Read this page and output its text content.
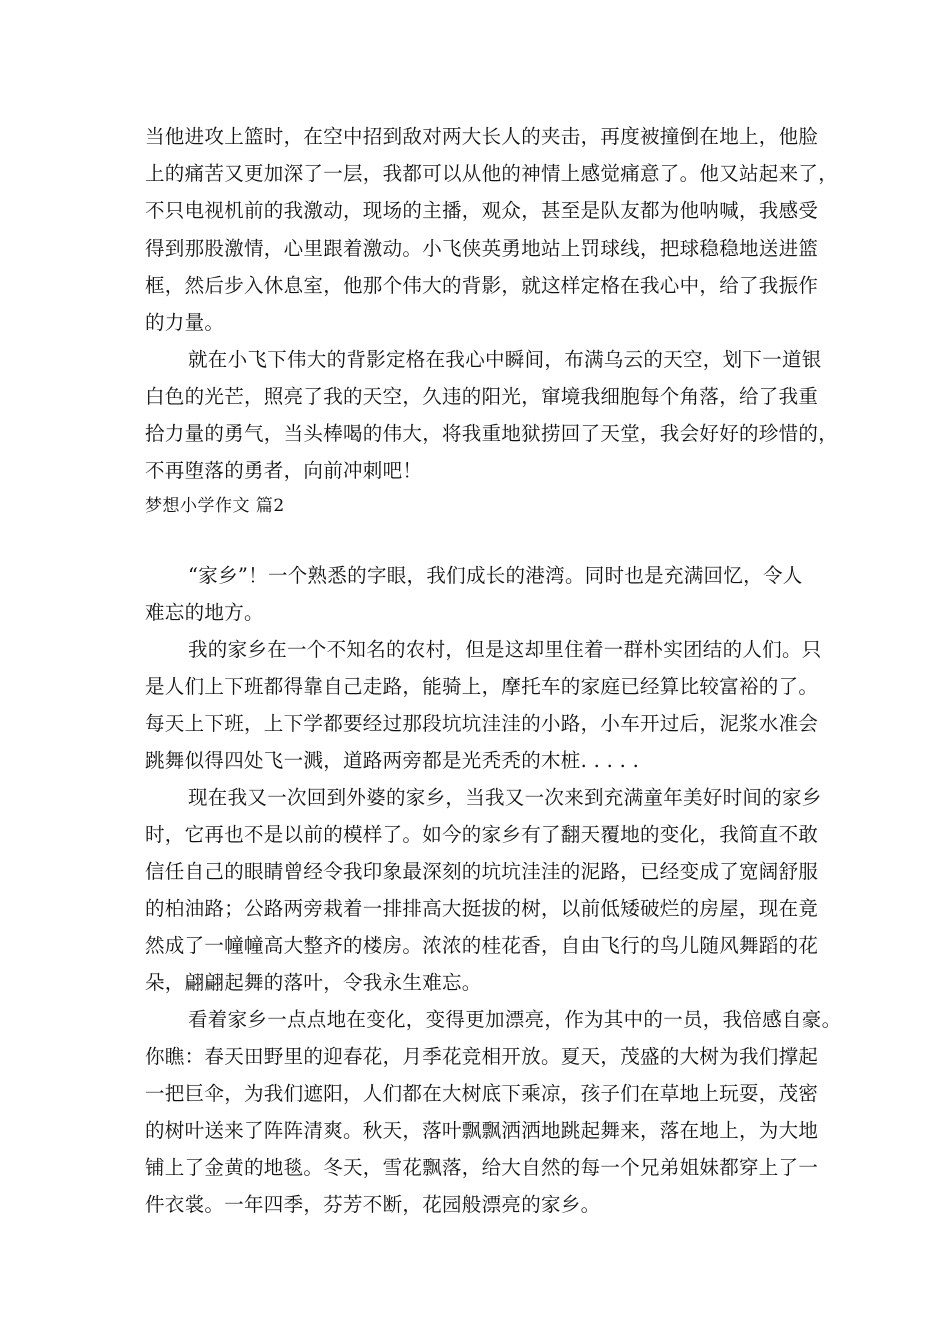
当他进攻上篮时，在空中招到敌对两大长人的夹击，再度被撞倒在地上，他脸
上的痛苦又更加深了一层，我都可以从他的神情上感觉痛意了。他又站起来了，
不只电视机前的我激动，现场的主播，观众，甚至是队友都为他呐喊，我感受
得到那股激情，心里跟着激动。小飞侠英勇地站上罚球线，把球稳稳地送进篮
框，然后步入休息室，他那个伟大的背影，就这样定格在我心中，给了我振作
的力量。
就在小飞下伟大的背影定格在我心中瞬间，布满乌云的天空，划下一道银
白色的光芒，照亮了我的天空，久违的阳光，窜境我细胞每个角落，给了我重
拾力量的勇气，当头棒喝的伟大，将我重地狱捞回了天堂，我会好好的珍惜的，
不再堕落的勇者，向前冲刺吧！
梦想小学作文 篇2
“家乡”！一个熟悉的字眼，我们成长的港湾。同时也是充满回忆，令人
难忘的地方。
我的家乡在一个不知名的农村，但是这却里住着一群朴实团结的人们。只
是人们上下班都得靠自己走路，能骑上，摩托车的家庭已经算比较富裕的了。
每天上下班，上下学都要经过那段坑坑洼洼的小路，小车开过后，泥浆水准会
跳舞似得四处飞一溅，道路两旁都是光秃秃的木桩. . . . .
现在我又一次回到外婆的家乡，当我又一次来到充满童年美好时间的家乡
时，它再也不是以前的模样了。如今的家乡有了翻天覆地的变化，我简直不敢
信任自己的眼睛曾经令我印象最深刻的坑坑洼洼的泥路，已经变成了宽阔舒服
的柏油路；公路两旁栽着一排排高大挺拔的树，以前低矮破烂的房屋，现在竟
然成了一幢幢高大整齐的楼房。浓浓的桂花香，自由飞行的鸟儿随风舞蹈的花
朵，翩翩起舞的落叶，令我永生难忘。
看着家乡一点点地在变化，变得更加漂亮，作为其中的一员，我倍感自豪。
你瞧：春天田野里的迎春花，月季花竞相开放。夏天，茂盛的大树为我们撑起
一把巨伞，为我们遮阳，人们都在大树底下乘凉，孩子们在草地上玩耍，茂密
的树叶送来了阵阵清爽。秋天，落叶飘飘洒洒地跳起舞来，落在地上，为大地
铺上了金黄的地毯。冬天，雪花飘落，给大自然的每一个兄弟姐妹都穿上了一
件衣裳。一年四季，芬芳不断，花园般漂亮的家乡。
